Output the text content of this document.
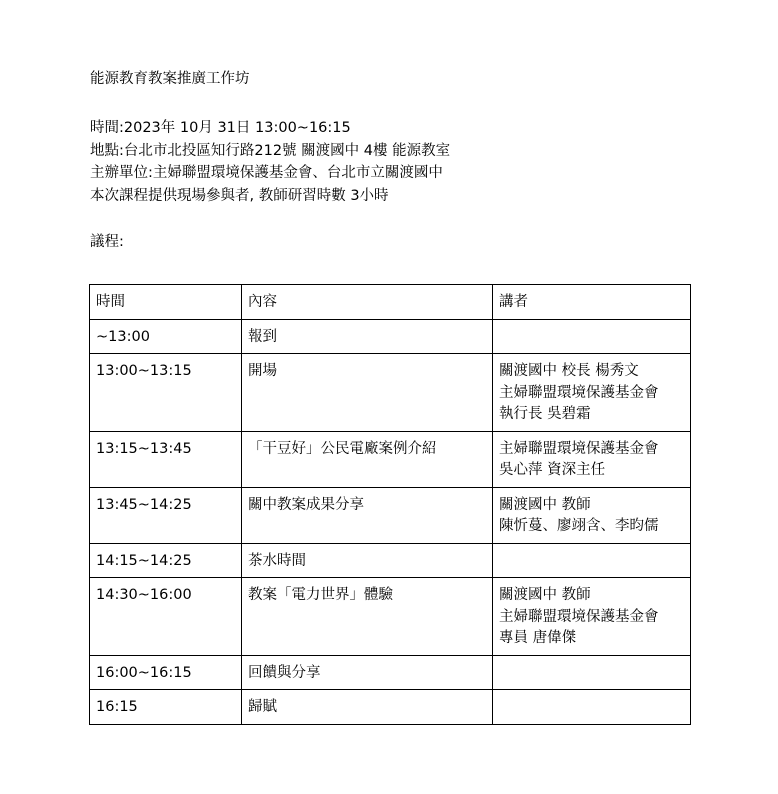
能源教育教案推廣工作坊
時間:2023年 10月 31日 13:00~16:15
地點:台北市北投區知行路212號 關渡國中 4樓 能源教室
主辦單位:主婦聯盟環境保護基金會、台北市立關渡國中
本次課程提供現場參與者, 教師研習時數 3小時
議程:
時間	內容	講者
~13:00	報到	
13:00~13:15	開場	關渡國中 校長 楊秀文
主婦聯盟環境保護基金會
執行長 吳碧霜

13:15~13:45	「干豆好」公民電廠案例介紹	主婦聯盟環境保護基金會
吳心萍 資深主任

13:45~14:25	關中教案成果分享	關渡國中 教師
陳忻蔓、廖翊含、李昀儒

14:15~14:25	茶水時間	
14:30~16:00	教案「電力世界」體驗	關渡國中 教師
主婦聯盟環境保護基金會
專員 唐偉傑

16:00~16:15	回饋與分享	
16:15	歸賦	
